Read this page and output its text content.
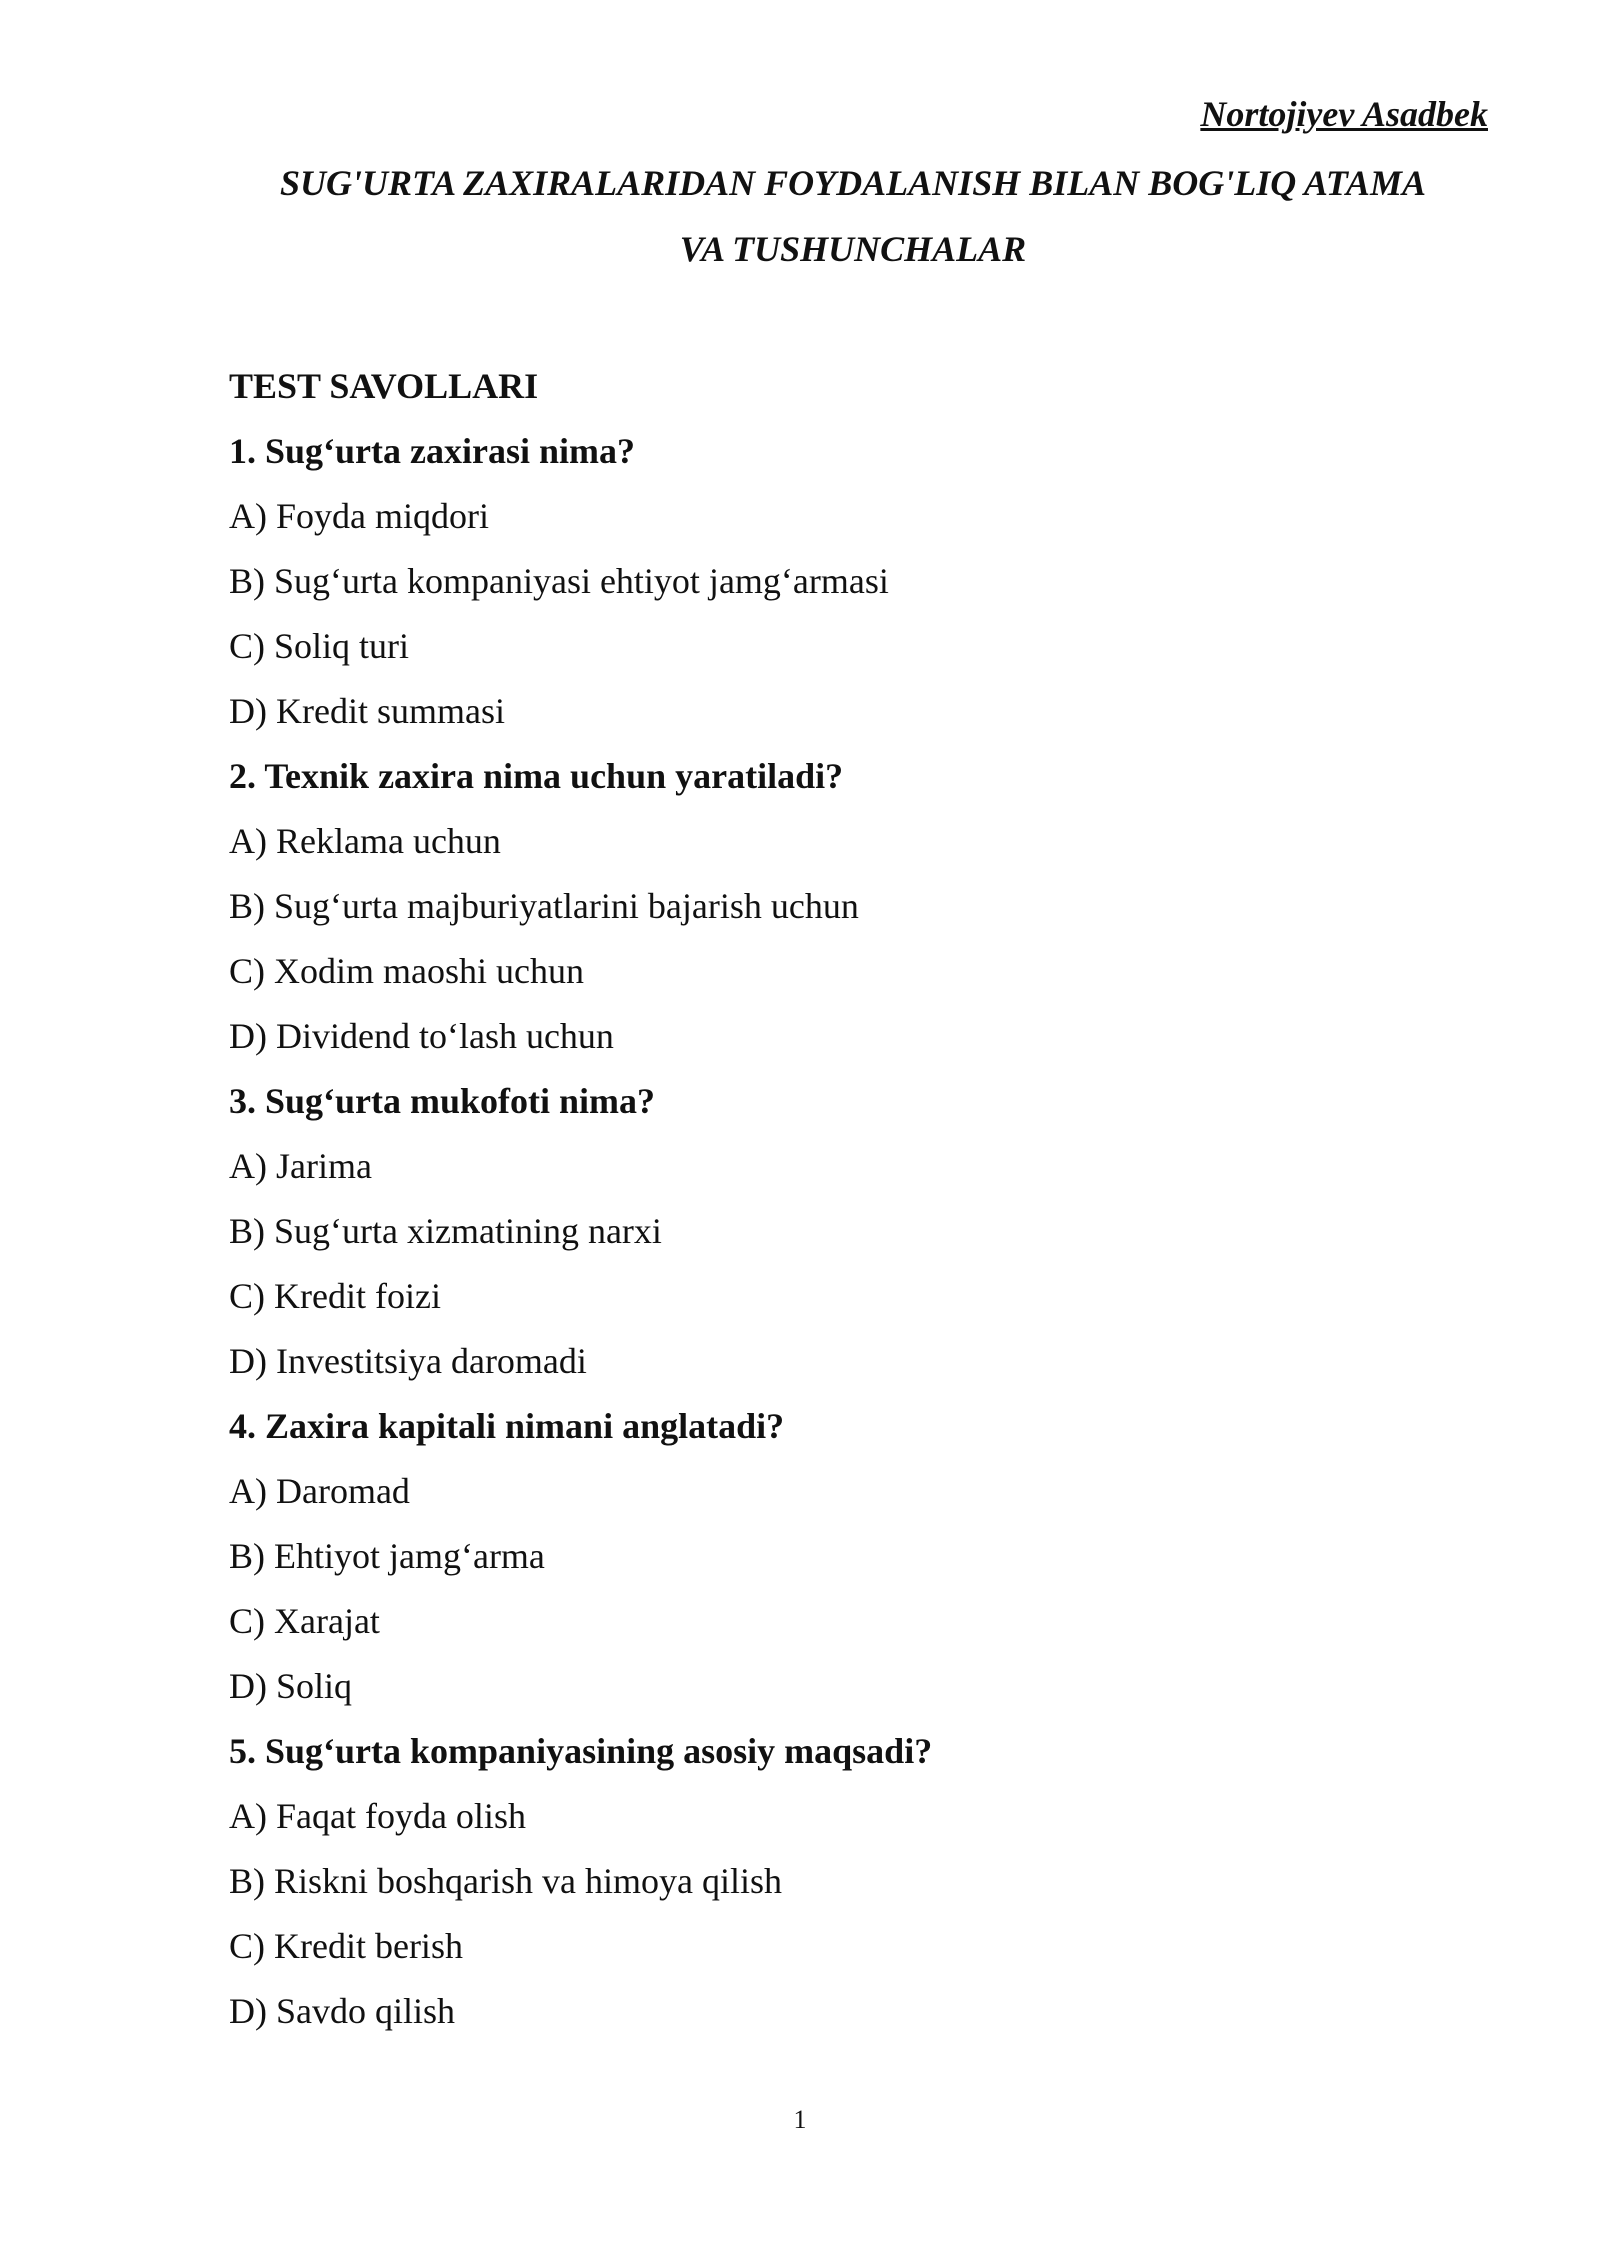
Nortojiyev Asadbek
SUG'URTA ZAXIRALARIDAN FOYDALANISH BILAN BOG'LIQ ATAMA
VA TUSHUNCHALAR
TEST SAVOLLARI
1. Sug‘urta zaxirasi nima?
A) Foyda miqdori
B) Sug‘urta kompaniyasi ehtiyot jamg‘armasi
C) Soliq turi
D) Kredit summasi
2. Texnik zaxira nima uchun yaratiladi?
A) Reklama uchun
B) Sug‘urta majburiyatlarini bajarish uchun
C) Xodim maoshi uchun
D) Dividend to‘lash uchun
3. Sug‘urta mukofoti nima?
A) Jarima
B) Sug‘urta xizmatining narxi
C) Kredit foizi
D) Investitsiya daromadi
4. Zaxira kapitali nimani anglatadi?
A) Daromad
B) Ehtiyot jamg‘arma
C) Xarajat
D) Soliq
5. Sug‘urta kompaniyasining asosiy maqsadi?
A) Faqat foyda olish
B) Riskni boshqarish va himoya qilish
C) Kredit berish
D) Savdo qilish
1
